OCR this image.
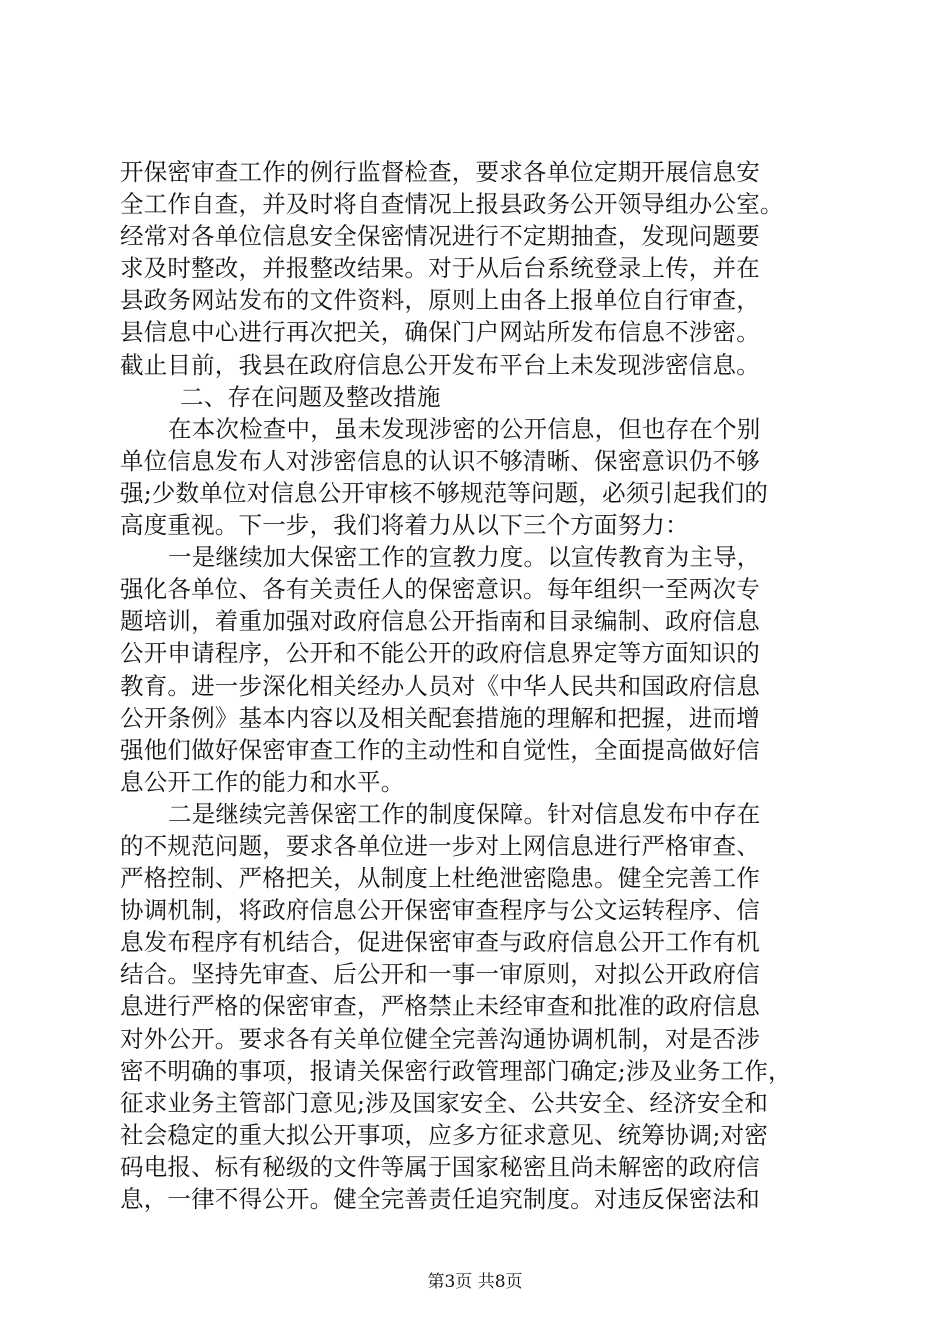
开保密审查工作的例行监督检查，要求各单位定期开展信息安
全工作自查，并及时将自查情况上报县政务公开领导组办公室。
经常对各单位信息安全保密情况进行不定期抽查，发现问题要
求及时整改，并报整改结果。对于从后台系统登录上传，并在
县政务网站发布的文件资料，原则上由各上报单位自行审查，
县信息中心进行再次把关，确保门户网站所发布信息不涉密。
截止目前，我县在政府信息公开发布平台上未发现涉密信息。
二、存在问题及整改措施
在本次检查中，虽未发现涉密的公开信息，但也存在个别
单位信息发布人对涉密信息的认识不够清晰、保密意识仍不够
强;少数单位对信息公开审核不够规范等问题，必须引起我们的
高度重视。下一步，我们将着力从以下三个方面努力：
一是继续加大保密工作的宣教力度。以宣传教育为主导，
强化各单位、各有关责任人的保密意识。每年组织一至两次专
题培训，着重加强对政府信息公开指南和目录编制、政府信息
公开申请程序，公开和不能公开的政府信息界定等方面知识的
教育。进一步深化相关经办人员对《中华人民共和国政府信息
公开条例》基本内容以及相关配套措施的理解和把握，进而增
强他们做好保密审查工作的主动性和自觉性，全面提高做好信
息公开工作的能力和水平。
二是继续完善保密工作的制度保障。针对信息发布中存在
的不规范问题，要求各单位进一步对上网信息进行严格审查、
严格控制、严格把关，从制度上杜绝泄密隐患。健全完善工作
协调机制，将政府信息公开保密审查程序与公文运转程序、信
息发布程序有机结合，促进保密审查与政府信息公开工作有机
结合。坚持先审查、后公开和一事一审原则，对拟公开政府信
息进行严格的保密审查，严格禁止未经审查和批准的政府信息
对外公开。要求各有关单位健全完善沟通协调机制，对是否涉
密不明确的事项，报请关保密行政管理部门确定;涉及业务工作，
征求业务主管部门意见;涉及国家安全、公共安全、经济安全和
社会稳定的重大拟公开事项，应多方征求意见、统筹协调;对密
码电报、标有秘级的文件等属于国家秘密且尚未解密的政府信
息，一律不得公开。健全完善责任追究制度。对违反保密法和
第3页 共8页
